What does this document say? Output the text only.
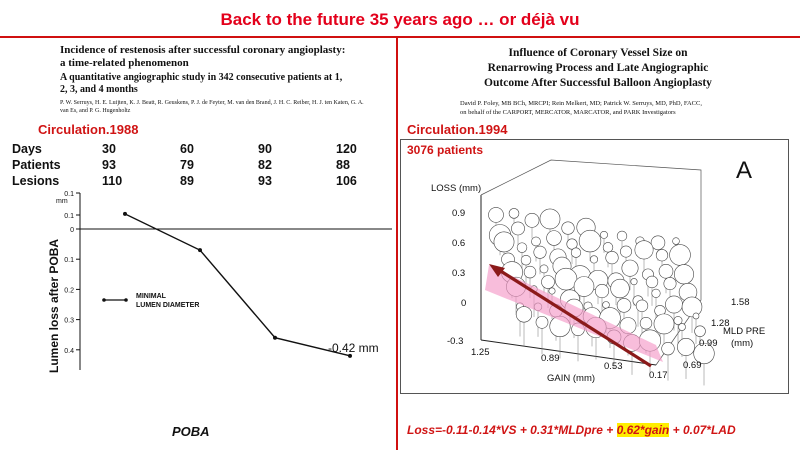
Back to the future 35 years ago … or déjà vu
Incidence of restenosis after successful coronary angioplasty: a time-related phenomenon
A quantitative angiographic study in 342 consecutive patients at 1, 2, 3, and 4 months
P. W. Serruys, H. E. Luijten, K. J. Beatt, R. Geuskens, P. J. de Feyter, M. van den Brand, J. H. C. Reiber, H. J. ten Katen, G. A. van Es, and P. G. Hugenholtz
Circulation.1988
Days	30	60	90	120
Patients	93	79	82	88
Lesions	110	89	93	106
Lumen loss after POBA
mm
0.1
0.1
0
0.1
0.2
0.3
0.4
MINIMAL
LUMEN DIAMETER
-0.42 mm
POBA
Influence of Coronary Vessel Size on
Renarrowing Process and Late Angiographic
Outcome After Successful Balloon Angioplasty
David P. Foley, MB BCh, MRCPI; Rein Melkert, MD; Patrick W. Serruys, MD, PhD, FACC,
on behalf of the CARPORT, MERCATOR, MARCATOR, and PARK Investigators
Circulation.1994
3076 patients
A
LOSS (mm)
0.9
0.6
0.3
0
-0.3
1.25
0.89
0.53
0.17
GAIN (mm)
1.58
1.28
0.99
0.69
MLD PRE
(mm)
Loss=-0.11-0.14*VS + 0.31*MLDpre + 0.62*gain + 0.07*LAD
